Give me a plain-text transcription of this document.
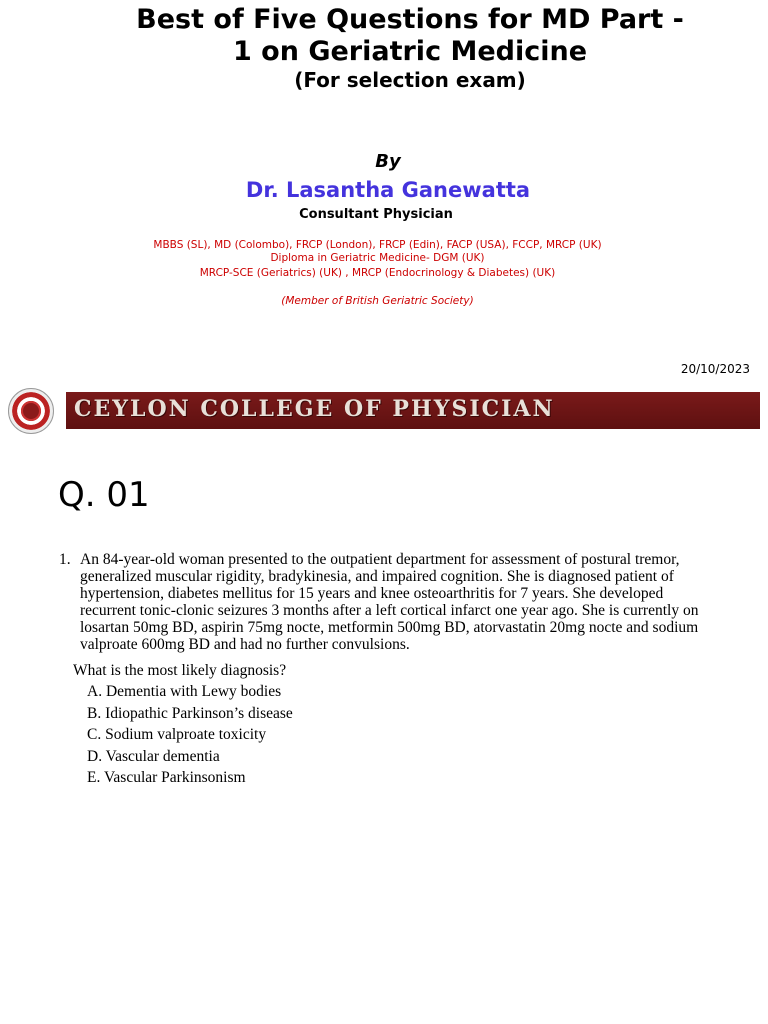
Best of Five Questions for MD Part -
1 on Geriatric Medicine
(For selection exam)
By
Dr. Lasantha Ganewatta
Consultant Physician
MBBS (SL), MD (Colombo), FRCP (London), FRCP (Edin), FACP (USA), FCCP, MRCP (UK)
Diploma in Geriatric Medicine- DGM (UK)
MRCP-SCE (Geriatrics) (UK) , MRCP (Endocrinology & Diabetes) (UK)
(Member of British Geriatric Society)
20/10/2023
CEYLON COLLEGE OF PHYSICIAN
Q. 01
1. An 84-year-old woman presented to the outpatient department for assessment of postural tremor, generalized muscular rigidity, bradykinesia, and impaired cognition. She is diagnosed patient of hypertension, diabetes mellitus for 15 years and knee osteoarthritis for 7 years. She developed recurrent tonic-clonic seizures 3 months after a left cortical infarct one year ago. She is currently on losartan 50mg BD, aspirin 75mg nocte, metformin 500mg BD, atorvastatin 20mg nocte and sodium valproate 600mg BD and had no further convulsions.
What is the most likely diagnosis?
A. Dementia with Lewy bodies
B. Idiopathic Parkinson’s disease
C. Sodium valproate toxicity
D. Vascular dementia
E. Vascular Parkinsonism
